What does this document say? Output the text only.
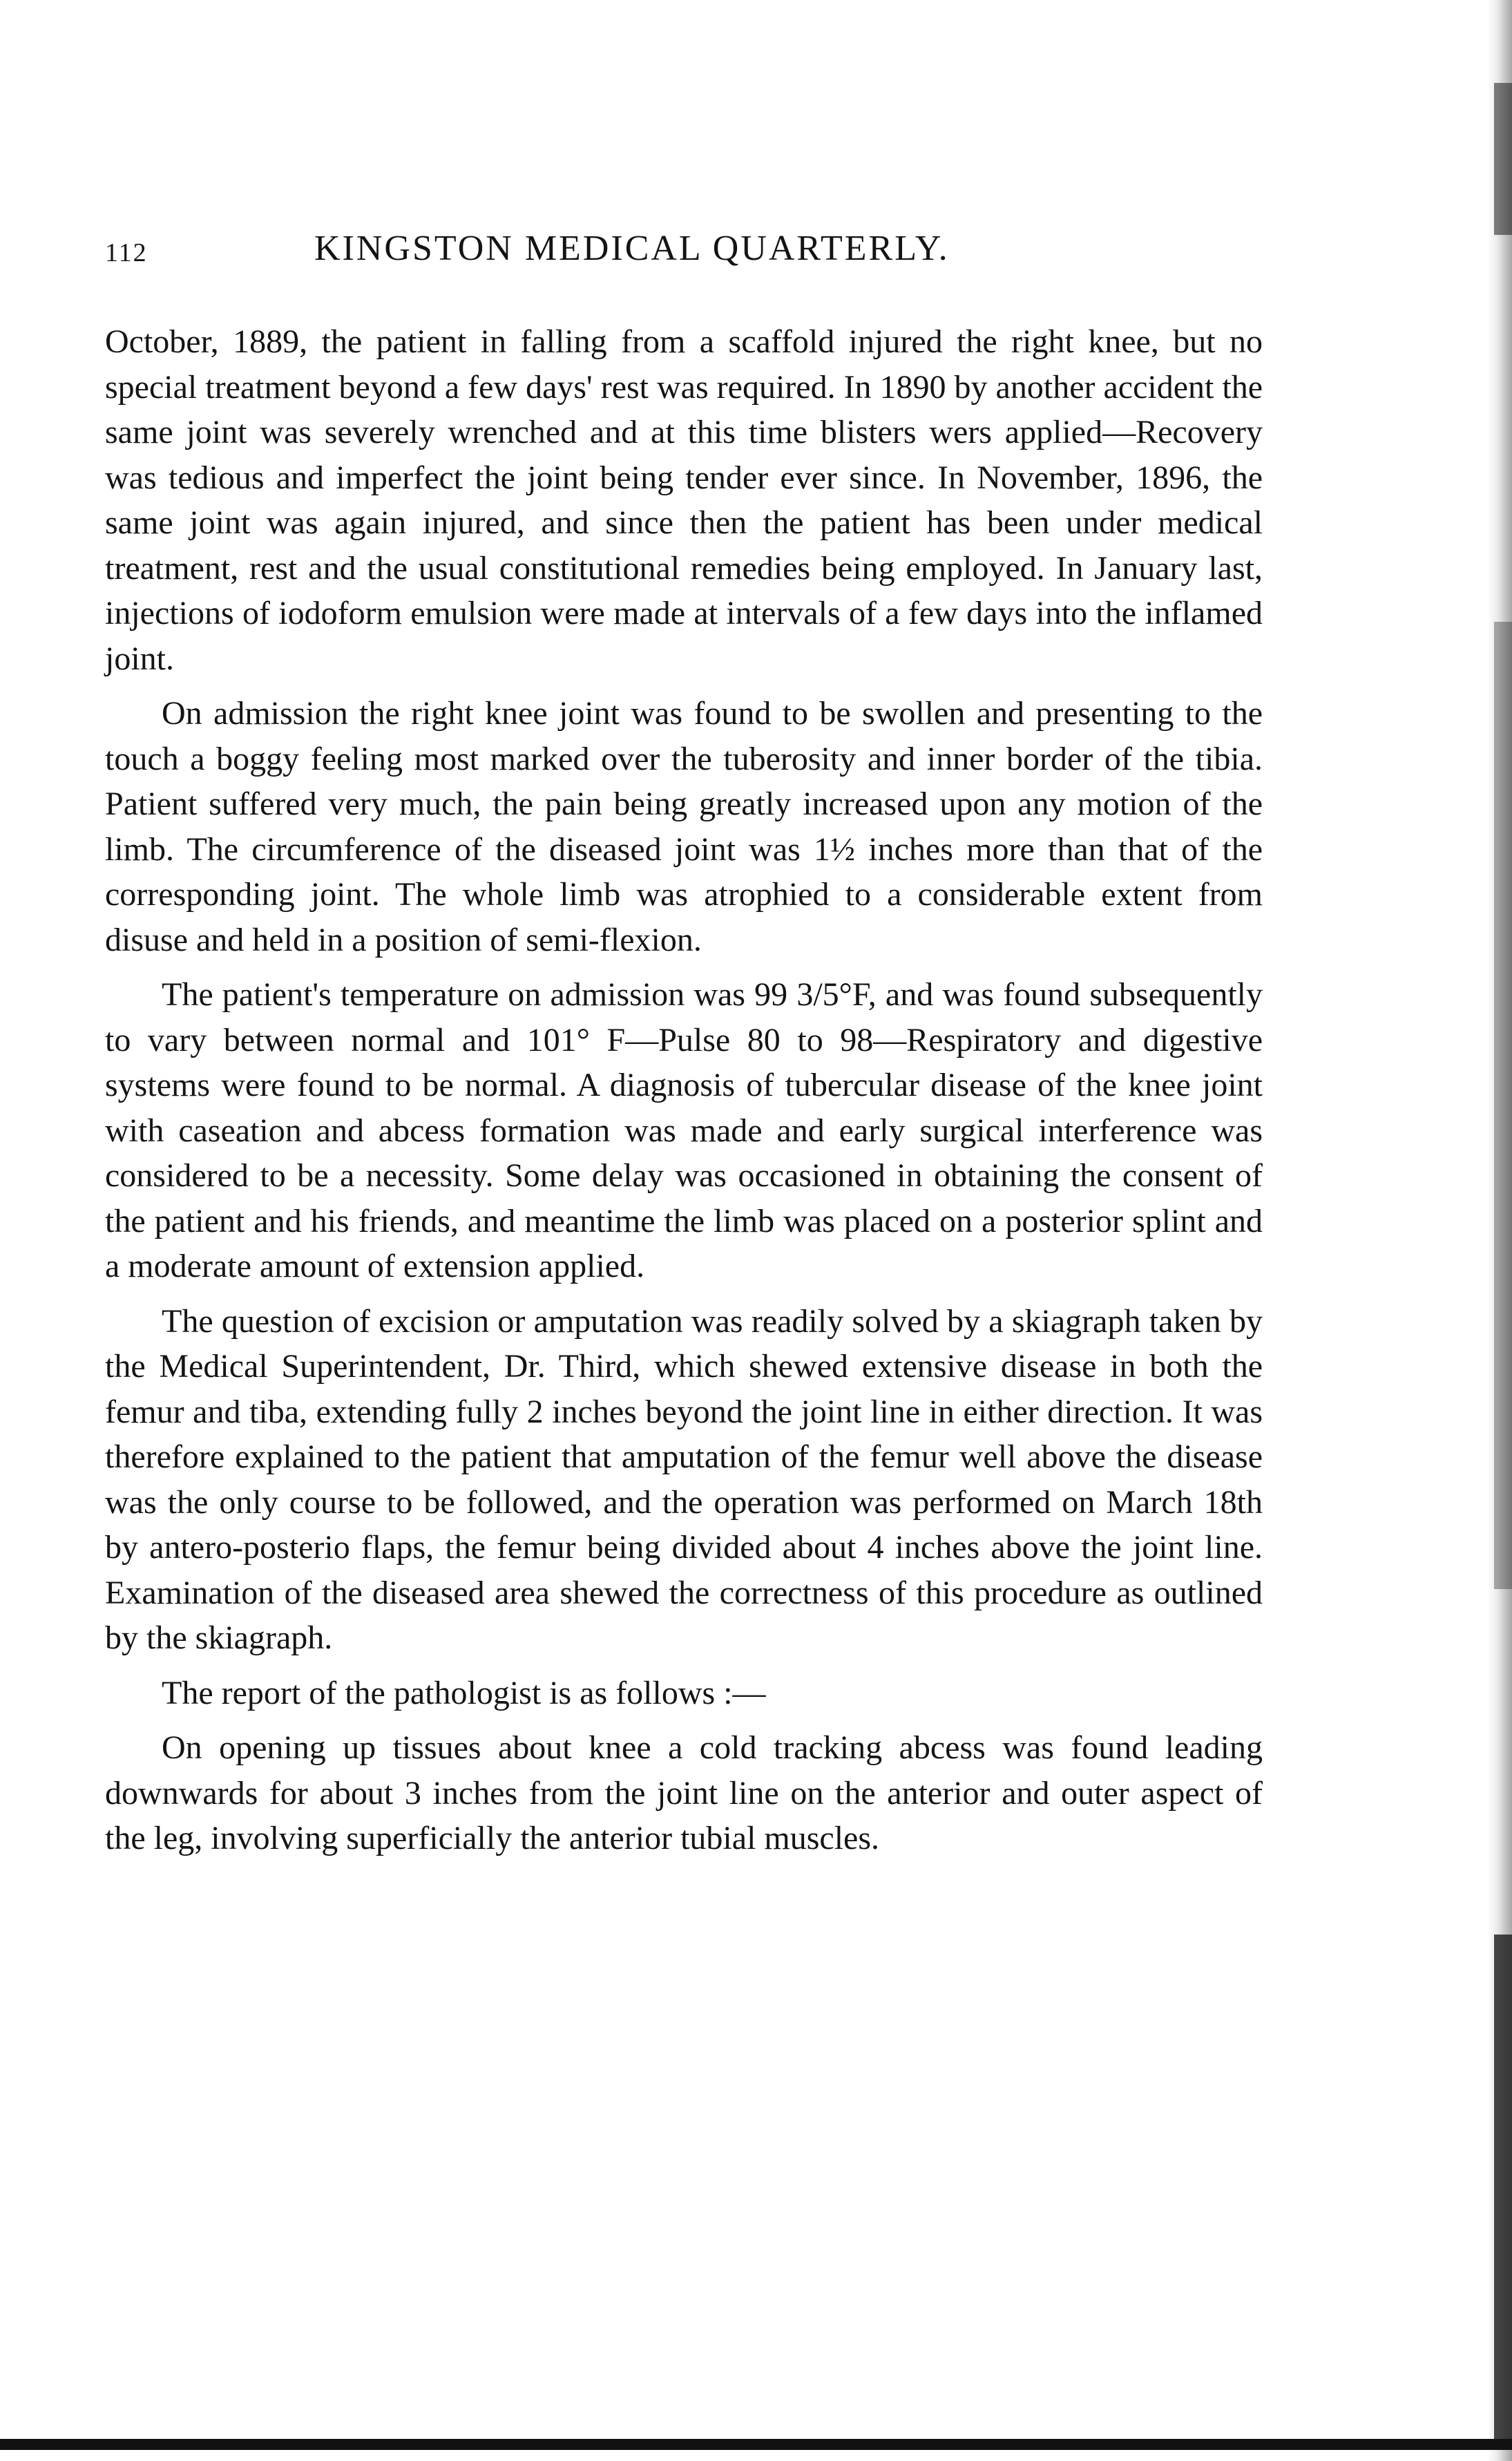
112	KINGSTON MEDICAL QUARTERLY.

October, 1889, the patient in falling from a scaffold injured the right knee, but no special treatment beyond a few days' rest was required. In 1890 by another accident the same joint was severely wrenched and at this time blisters wers applied—Recovery was tedious and imperfect the joint being tender ever since. In November, 1896, the same joint was again injured, and since then the patient has been under medical treatment, rest and the usual constitutional remedies being employed. In January last, injections of iodoform emulsion were made at intervals of a few days into the inflamed joint.

On admission the right knee joint was found to be swollen and presenting to the touch a boggy feeling most marked over the tuberosity and inner border of the tibia. Patient suffered very much, the pain being greatly increased upon any motion of the limb. The circumference of the diseased joint was 1½ inches more than that of the corresponding joint. The whole limb was atrophied to a considerable extent from disuse and held in a position of semi-flexion.

The patient's temperature on admission was 99 3/5°F, and was found subsequently to vary between normal and 101° F—Pulse 80 to 98—Respiratory and digestive systems were found to be normal. A diagnosis of tubercular disease of the knee joint with caseation and abcess formation was made and early surgical interference was considered to be a necessity. Some delay was occasioned in obtaining the consent of the patient and his friends, and meantime the limb was placed on a posterior splint and a moderate amount of extension applied.

The question of excision or amputation was readily solved by a skiagraph taken by the Medical Superintendent, Dr. Third, which shewed extensive disease in both the femur and tiba, extending fully 2 inches beyond the joint line in either direction. It was therefore explained to the patient that amputation of the femur well above the disease was the only course to be followed, and the operation was performed on March 18th by antero-posterio flaps, the femur being divided about 4 inches above the joint line. Examination of the diseased area shewed the correctness of this procedure as outlined by the skiagraph.

The report of the pathologist is as follows :—

On opening up tissues about knee a cold tracking abcess was found leading downwards for about 3 inches from the joint line on the anterior and outer aspect of the leg, involving superficially the anterior tubial muscles.
